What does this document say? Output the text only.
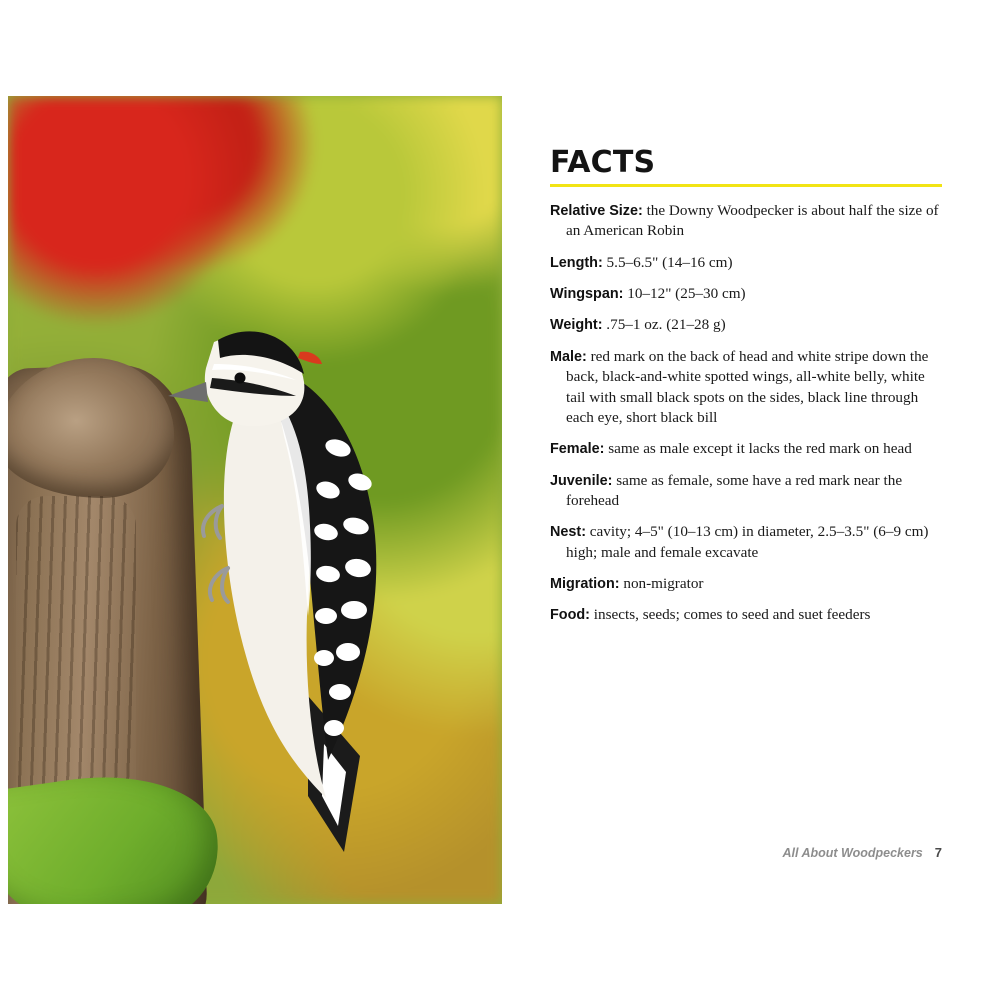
FACTS

Relative Size: the Downy Woodpecker is about half the size of an American Robin

Length: 5.5–6.5" (14–16 cm)

Wingspan: 10–12" (25–30 cm)

Weight: .75–1 oz. (21–28 g)

Male: red mark on the back of head and white stripe down the back, black-and-white spotted wings, all-white belly, white tail with small black spots on the sides, black line through each eye, short black bill

Female: same as male except it lacks the red mark on head

Juvenile: same as female, some have a red mark near the forehead

Nest: cavity; 4–5" (10–13 cm) in diameter, 2.5–3.5" (6–9 cm) high; male and female excavate

Migration: non-migrator

Food: insects, seeds; comes to seed and suet feeders

All About Woodpeckers 7
